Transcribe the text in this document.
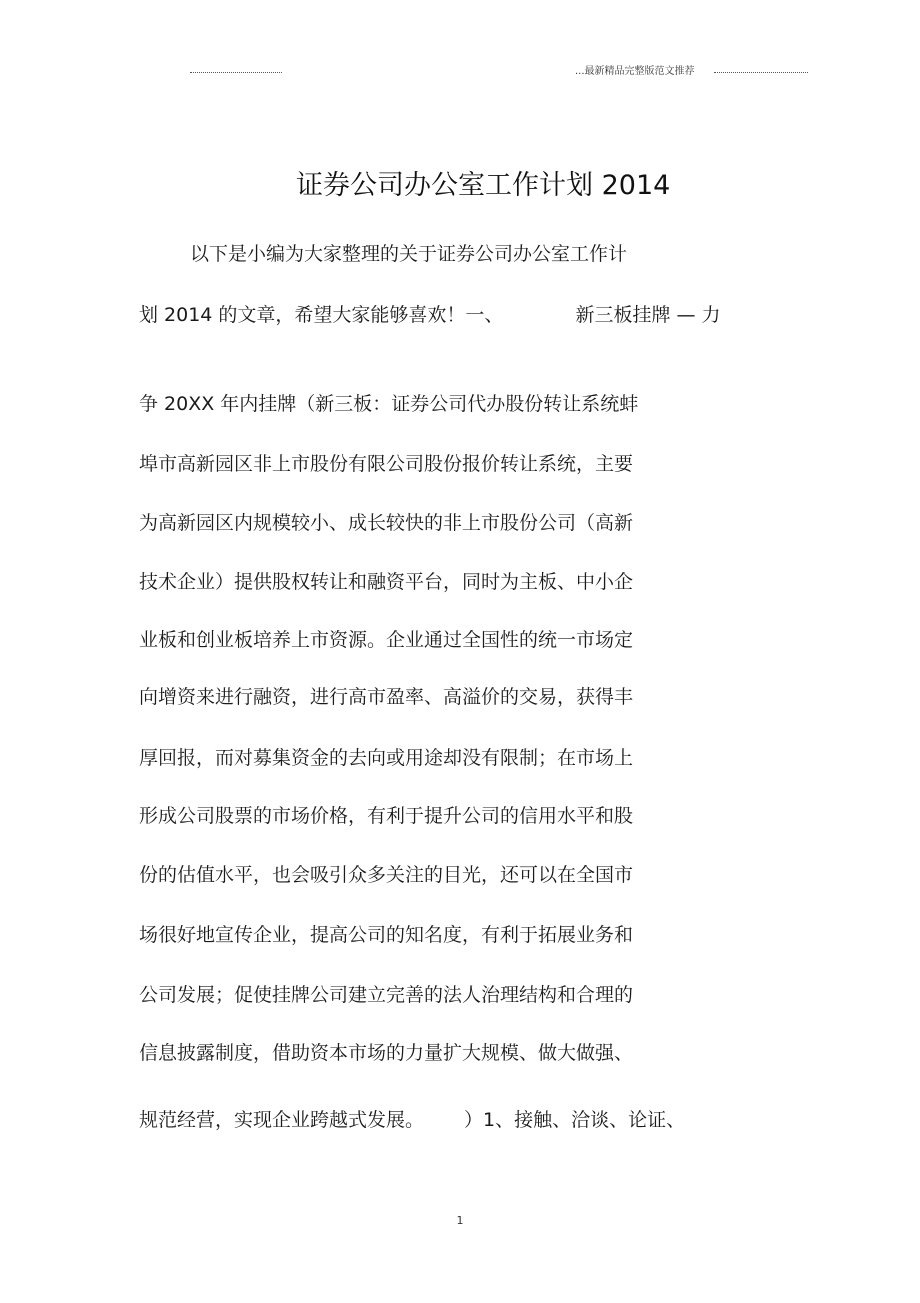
...最新精品完整版范文推荐
证券公司办公室工作计划 2014
以下是小编为大家整理的关于证券公司办公室工作计
划 2014 的文章，希望大家能够喜欢！一、	新三板挂牌 — 力
争 20XX 年内挂牌（新三板：证券公司代办股份转让系统蚌
埠市高新园区非上市股份有限公司股份报价转让系统，主要
为高新园区内规模较小、成长较快的非上市股份公司（高新
技术企业）提供股权转让和融资平台，同时为主板、中小企
业板和创业板培养上市资源。企业通过全国性的统一市场定
向增资来进行融资，进行高市盈率、高溢价的交易，获得丰
厚回报，而对募集资金的去向或用途却没有限制；在市场上
形成公司股票的市场价格，有利于提升公司的信用水平和股
份的估值水平，也会吸引众多关注的目光，还可以在全国市
场很好地宣传企业，提高公司的知名度，有利于拓展业务和
公司发展；促使挂牌公司建立完善的法人治理结构和合理的
信息披露制度，借助资本市场的力量扩大规模、做大做强、
规范经营，实现企业跨越式发展。 ）1、接触、洽谈、论证、
1
